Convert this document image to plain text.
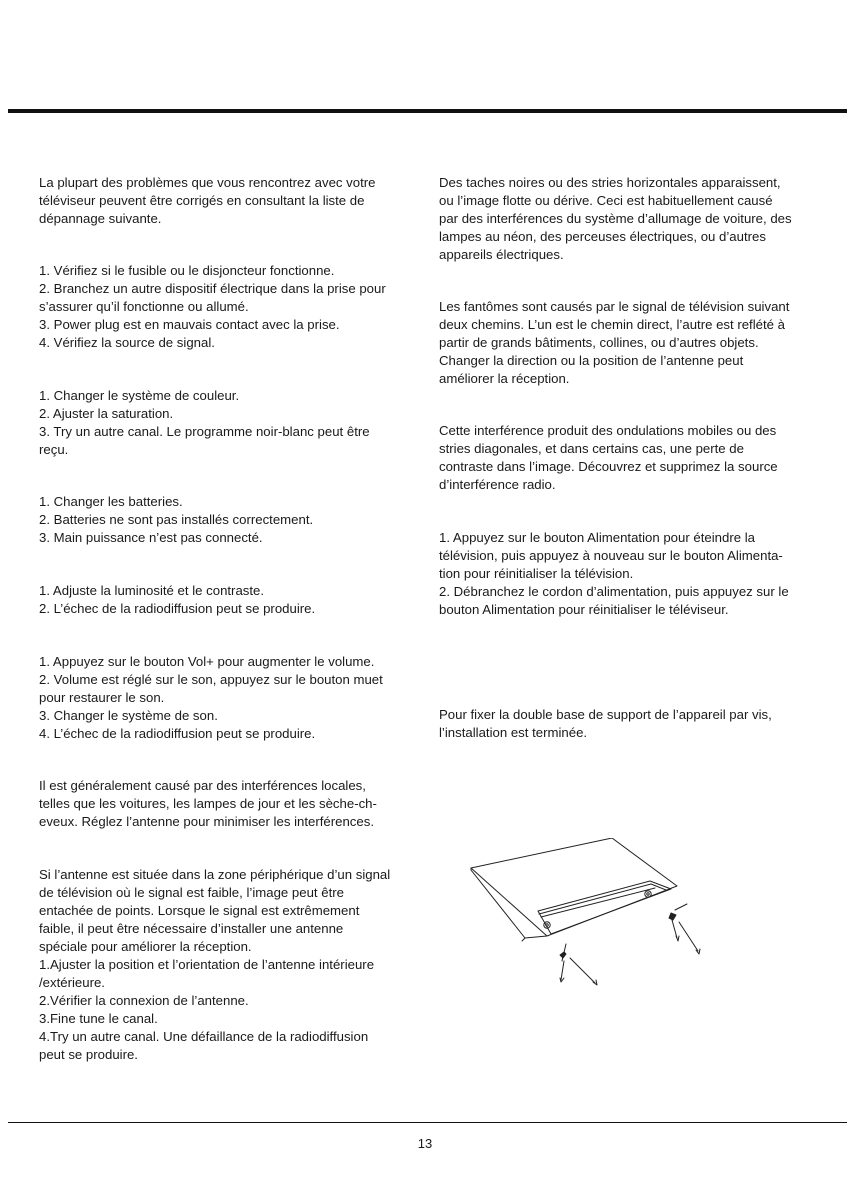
La plupart des problèmes que vous rencontrez avec votre

téléviseur peuvent être corrigés en consultant la liste de

dépannage suivante.

1. Vérifiez si le fusible ou le disjoncteur fonctionne.

2. Branchez un autre dispositif électrique dans la prise pour

s’assurer qu’il fonctionne ou allumé.

3. Power plug est en mauvais contact avec la prise.

4. Vérifiez la source de signal.

1. Changer le système de couleur.

2. Ajuster la saturation.

3. Try un autre canal. Le programme noir-blanc peut être

reçu.

1. Changer les batteries.

2. Batteries ne sont pas installés correctement.

3. Main puissance n’est pas connecté.

1. Adjuste la luminosité et le contraste.

2. L’échec de la radiodiffusion peut se produire.

1. Appuyez sur le bouton Vol+ pour augmenter le volume.

2. Volume est réglé sur le son, appuyez sur le bouton muet

pour restaurer le son.

3. Changer le système de son.

4. L’échec de la radiodiffusion peut se produire.

Il est généralement causé par des interférences locales,

telles que les voitures, les lampes de jour et les sèche-ch-

eveux. Réglez l’antenne pour minimiser les interférences.

Si l’antenne est située dans la zone périphérique d’un signal

de télévision où le signal est faible, l’image peut être

entachée de points. Lorsque le signal est extrêmement

faible, il peut être nécessaire d’installer une antenne

spéciale pour améliorer la réception.

1.Ajuster la position et l’orientation de l’antenne intérieure

/extérieure.

2.Vérifier la connexion de l’antenne.

3.Fine tune le canal.

4.Try un autre canal. Une défaillance de la radiodiffusion

peut se produire.

Des taches noires ou des stries horizontales apparaissent,

ou l’image flotte ou dérive. Ceci est habituellement causé

par des interférences du système d’allumage de voiture, des

lampes au néon, des perceuses électriques, ou d’autres

appareils électriques.

Les fantômes sont causés par le signal de télévision suivant

deux chemins. L’un est le chemin direct, l’autre est reflété à

partir de grands bâtiments, collines, ou d’autres objets.

Changer la direction ou la position de l’antenne peut

améliorer la réception.

Cette interférence produit des ondulations mobiles ou des

stries diagonales, et dans certains cas, une perte de

contraste dans l’image. Découvrez et supprimez la source

d’interférence radio.

1. Appuyez sur le bouton Alimentation pour éteindre la

télévision, puis appuyez à nouveau sur le bouton Alimenta-

tion pour réinitialiser la télévision.

2. Débranchez le cordon d’alimentation, puis appuyez sur le

bouton Alimentation pour réinitialiser le téléviseur.

Pour fixer la double base de support de l’appareil par vis,

l’installation est terminée.

13
